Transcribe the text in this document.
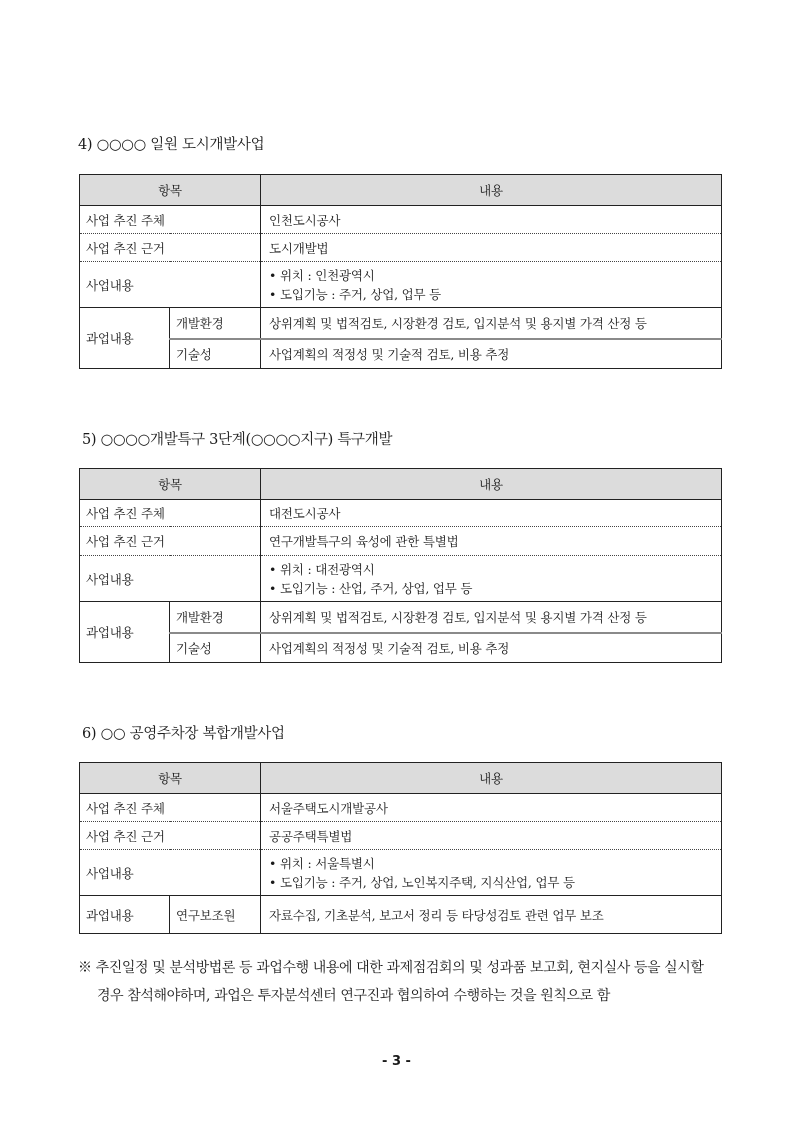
4) ○○○○ 일원 도시개발사업
항목		내용
사업 추진 주체		인천도시공사
사업 추진 근거		도시개발법
사업내용		• 위치 : 인천광역시
• 도입기능 : 주거, 상업, 업무 등

과업내용	개발환경	상위계획 및 법적검토, 시장환경 검토, 입지분석 및 용지별 가격 산정 등
	기술성	사업계획의 적정성 및 기술적 검토, 비용 추정
5) ○○○○개발특구 3단계(○○○○지구) 특구개발
항목		내용
사업 추진 주체		대전도시공사
사업 추진 근거		연구개발특구의 육성에 관한 특별법
사업내용		• 위치 : 대전광역시
• 도입기능 : 산업, 주거, 상업, 업무 등

과업내용	개발환경	상위계획 및 법적검토, 시장환경 검토, 입지분석 및 용지별 가격 산정 등
	기술성	사업계획의 적정성 및 기술적 검토, 비용 추정
6) ○○ 공영주차장 복합개발사업
항목		내용
사업 추진 주체		서울주택도시개발공사
사업 추진 근거		공공주택특별법
사업내용		• 위치 : 서울특별시
• 도입기능 : 주거, 상업, 노인복지주택, 지식산업, 업무 등

과업내용	연구보조원	자료수집, 기초분석, 보고서 정리 등 타당성검토 관련 업무 보조
※ 추진일정 및 분석방법론 등 과업수행 내용에 대한 과제점검회의 및 성과품 보고회, 현지실사 등을 실시할
경우 참석해야하며, 과업은 투자분석센터 연구진과 협의하여 수행하는 것을 원칙으로 함
- 3 -
